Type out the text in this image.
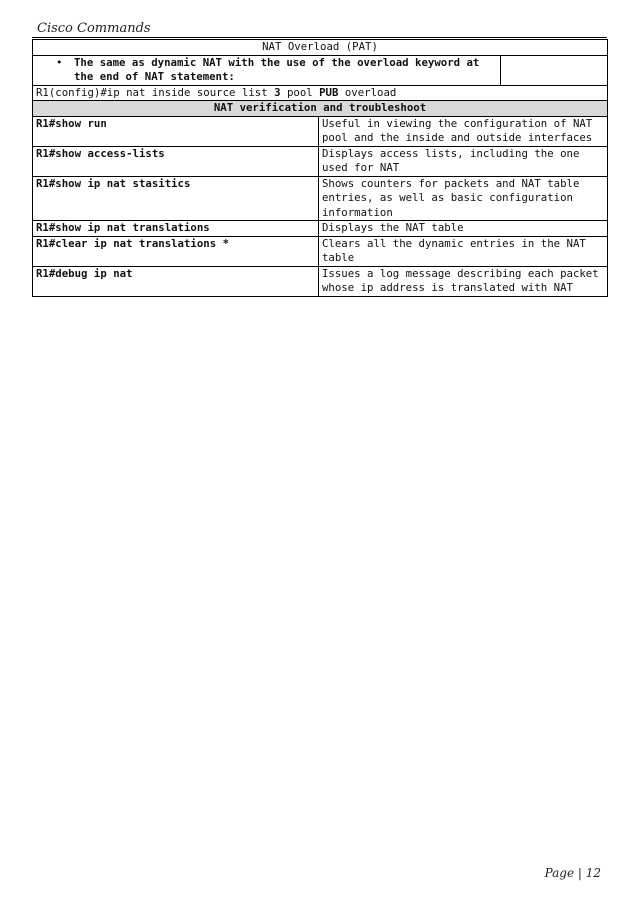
Cisco Commands
NAT Overload (PAT)		

• The same as dynamic NAT with the use of the overload keyword at the end of NAT statement:		

R1(config)#ip nat inside source list 3 pool PUB overload		
NAT verification and troubleshoot		
R1#show run	Useful in viewing the configuration of NAT pool and the inside and outside interfaces	
R1#show access-lists	Displays access lists, including the one used for NAT	
R1#show ip nat stasitics	Shows counters for packets and NAT table entries, as well as basic configuration information	
R1#show ip nat translations	Displays the NAT table	
R1#clear ip nat translations *	Clears all the dynamic entries in the NAT table	
R1#debug ip nat	Issues a log message describing each packet whose ip address is translated with NAT	
Page | 12
